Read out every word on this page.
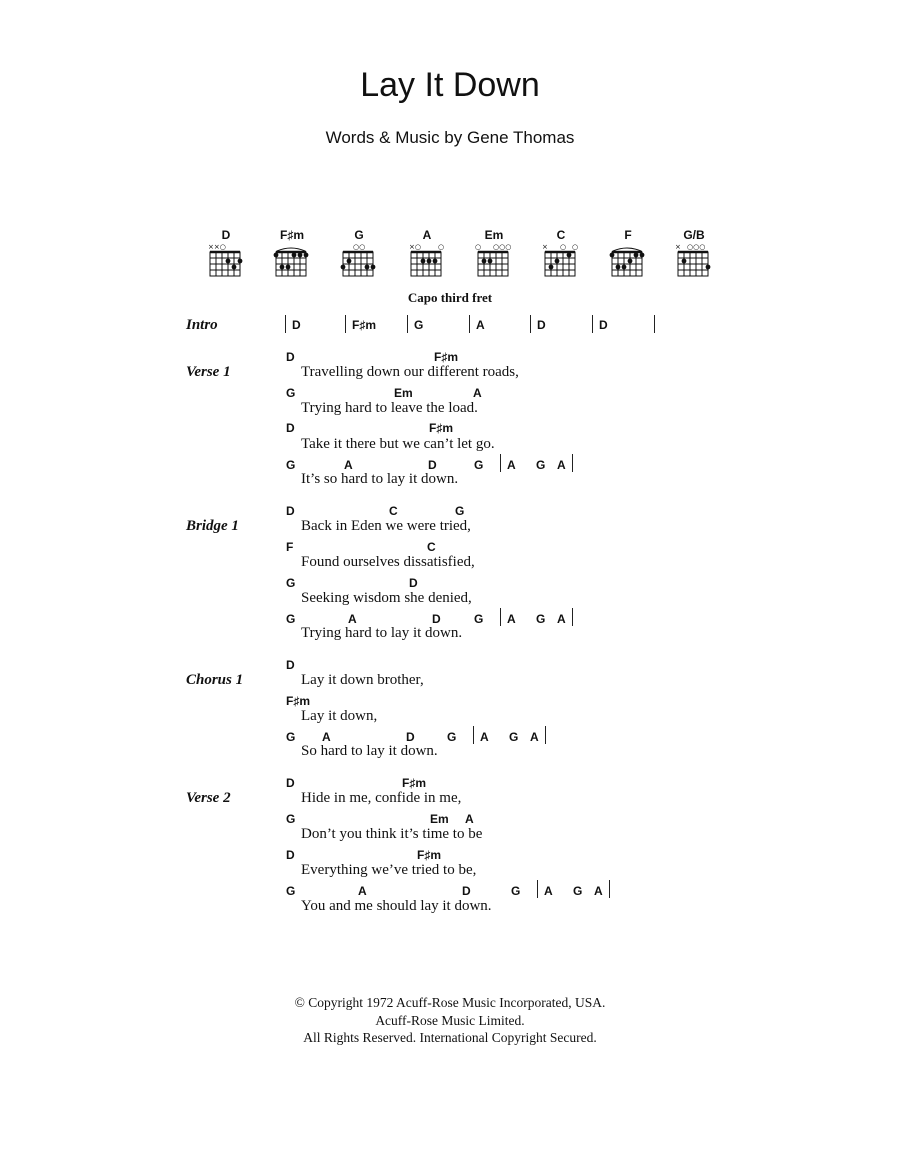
Lay It Down
Words & Music by Gene Thomas
D
××○
F♯m	G
○○
A
×○ ○
Em
○ ○○○
C
× ○ ○
F	G/B
× ○○○
Capo third fret
Intro	D	F♯m	G	A	D	D
Verse 1
D	F♯m
Travelling down our different roads,
G	Em	A
Trying hard to leave the load.
D	F♯m
Take it there but we can’t let go.
G	A	D	G A G A
It’s so hard to lay it down.
Bridge 1
D	C	G
Back in Eden we were tried,
F	C
Found ourselves dissatisfied,
G	D
Seeking wisdom she denied,
G	A	D	G A G A
Trying hard to lay it down.
Chorus 1
D
Lay it down brother,
F♯m
Lay it down,
G A	D	G A G A
So hard to lay it down.
Verse 2
D	F♯m
Hide in me, confide in me,
G	Em A
Don’t you think it’s time to be
D	F♯m
Everything we’ve tried to be,
G	A	D	G A G A
You and me should lay it down.
© Copyright 1972 Acuff-Rose Music Incorporated, USA.
Acuff-Rose Music Limited.
All Rights Reserved. International Copyright Secured.
